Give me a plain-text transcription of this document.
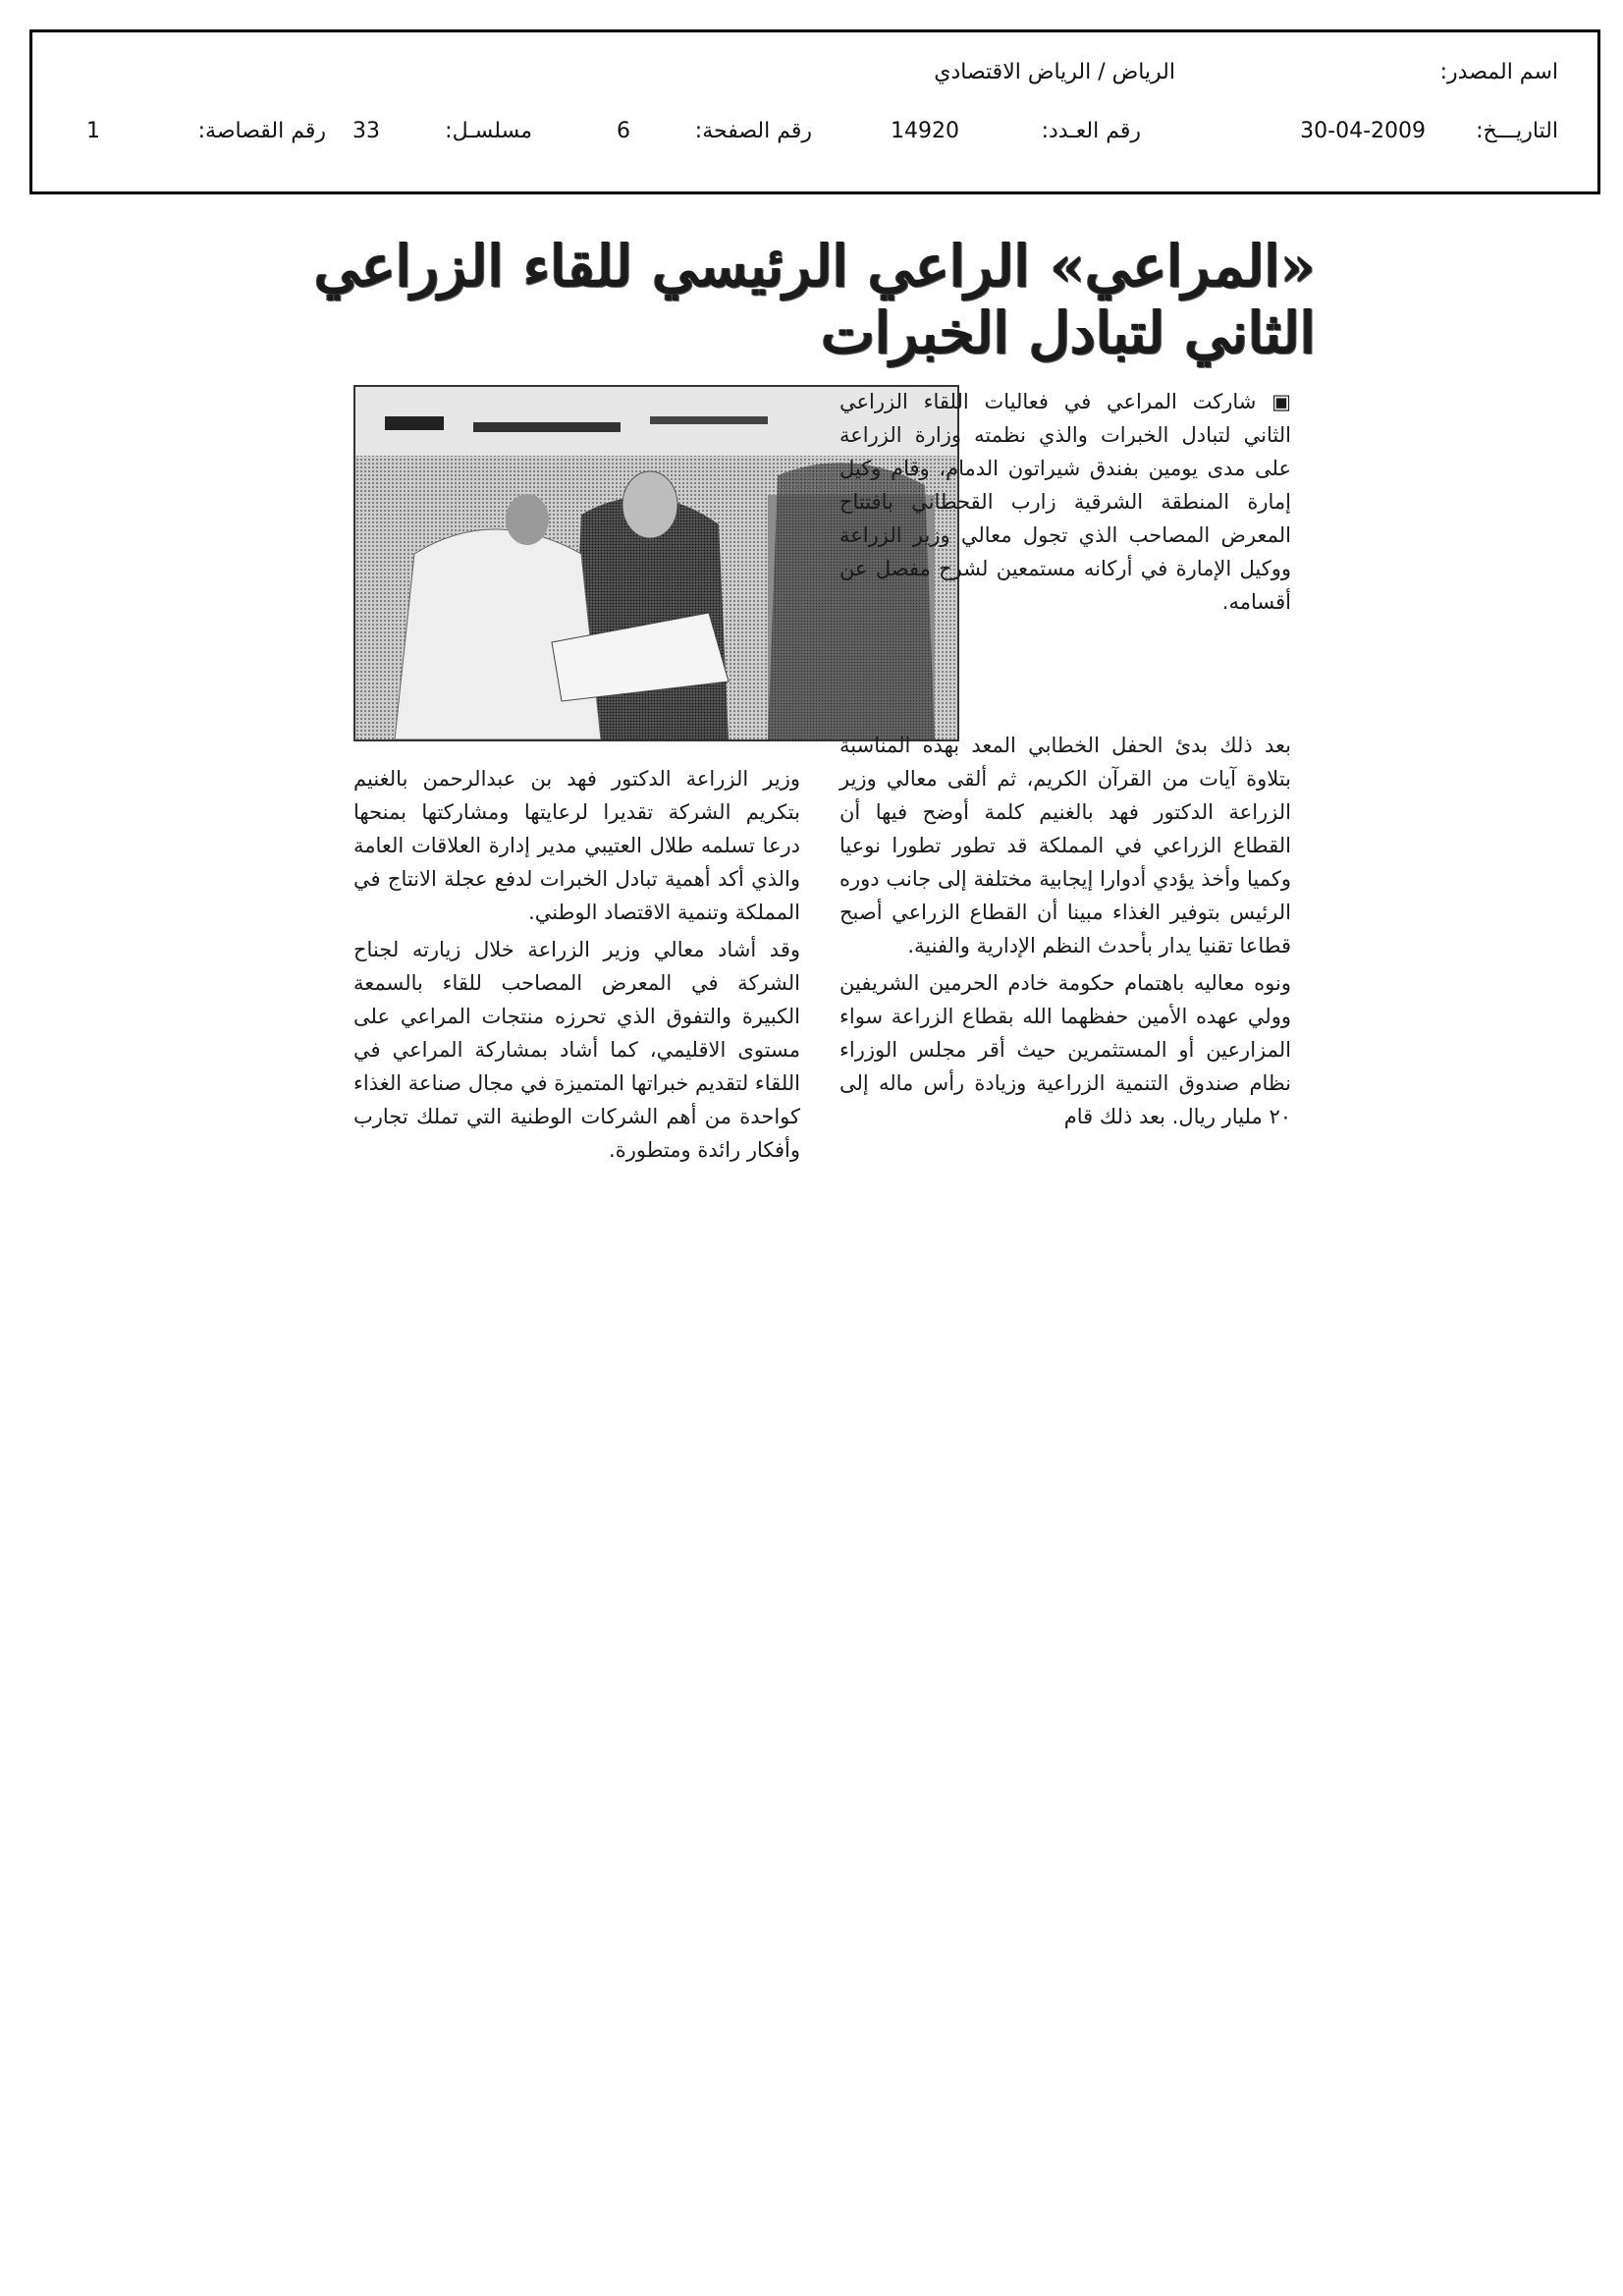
اسم المصدر:
الرياض / الرياض الاقتصادي
التاريـــخ:
30-04-2009
رقم العـدد:
14920
رقم الصفحة:
6
مسلسـل:
33
رقم القصاصة:
1
«المراعي» الراعي الرئيسي للقاء الزراعي الثاني لتبادل الخبرات

▣ شاركت المراعي في فعاليات اللقاء الزراعي الثاني لتبادل الخبرات والذي نظمته وزارة الزراعة على مدى يومين بفندق شيراتون الدمام، وقام وكيل إمارة المنطقة الشرقية زارب القحطاني بافتتاح المعرض المصاحب الذي تجول معالي وزير الزراعة ووكيل الإمارة في أركانه مستمعين لشرح مفصل عن أقسامه.

بعد ذلك بدئ الحفل الخطابي المعد بهذه المناسبة بتلاوة آيات من القرآن الكريم، ثم ألقى معالي وزير الزراعة الدكتور فهد بالغنيم كلمة أوضح فيها أن القطاع الزراعي في المملكة قد تطور تطورا نوعيا وكميا وأخذ يؤدي أدوارا إيجابية مختلفة إلى جانب دوره الرئيس بتوفير الغذاء مبينا أن القطاع الزراعي أصبح قطاعا تقنيا يدار بأحدث النظم الإدارية والفنية.

ونوه معاليه باهتمام حكومة خادم الحرمين الشريفين وولي عهده الأمين حفظهما الله بقطاع الزراعة سواء المزارعين أو المستثمرين حيث أقر مجلس الوزراء نظام صندوق التنمية الزراعية وزيادة رأس ماله إلى ٢٠ مليار ريال. بعد ذلك قام

وزير الزراعة الدكتور فهد بن عبدالرحمن بالغنيم بتكريم الشركة تقديرا لرعايتها ومشاركتها بمنحها درعا تسلمه طلال العتيبي مدير إدارة العلاقات العامة والذي أكد أهمية تبادل الخبرات لدفع عجلة الانتاج في المملكة وتنمية الاقتصاد الوطني.

وقد أشاد معالي وزير الزراعة خلال زيارته لجناح الشركة في المعرض المصاحب للقاء بالسمعة الكبيرة والتفوق الذي تحرزه منتجات المراعي على مستوى الاقليمي، كما أشاد بمشاركة المراعي في اللقاء لتقديم خبراتها المتميزة في مجال صناعة الغذاء كواحدة من أهم الشركات الوطنية التي تملك تجارب وأفكار رائدة ومتطورة.
